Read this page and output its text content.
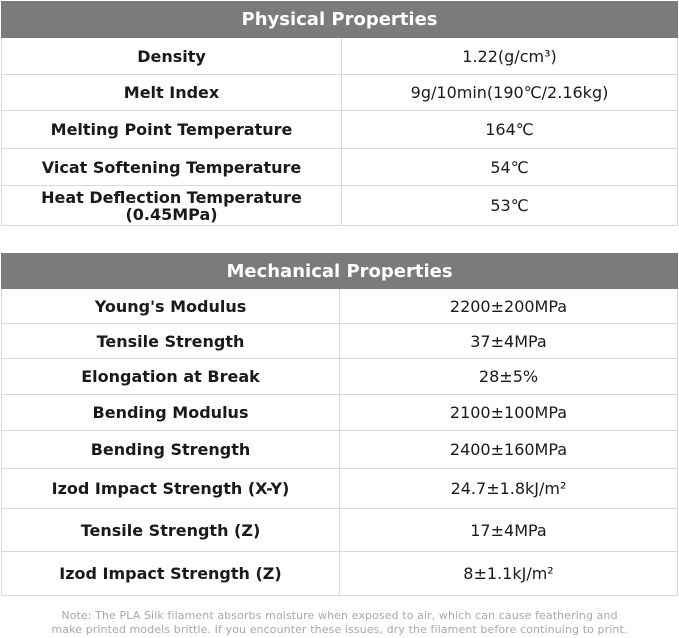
Physical Properties	
Density	1.22(g/cm³)
Melt Index	9g/10min(190℃/2.16kg)
Melting Point Temperature	164℃
Vicat Softening Temperature	54℃

Heat Deflection Temperature
(0.45MPa)	53℃
Mechanical Properties	
Young's Modulus	2200±200MPa
Tensile Strength	37±4MPa
Elongation at Break	28±5%
Bending Modulus	2100±100MPa
Bending Strength	2400±160MPa
Izod Impact Strength (X-Y)	24.7±1.8kJ/m²
Tensile Strength (Z)	17±4MPa
Izod Impact Strength (Z)	8±1.1kJ/m²
Note: The PLA Silk filament absorbs moisture when exposed to air, which can cause feathering and
make printed models brittle. If you encounter these issues, dry the filament before continuing to print.
